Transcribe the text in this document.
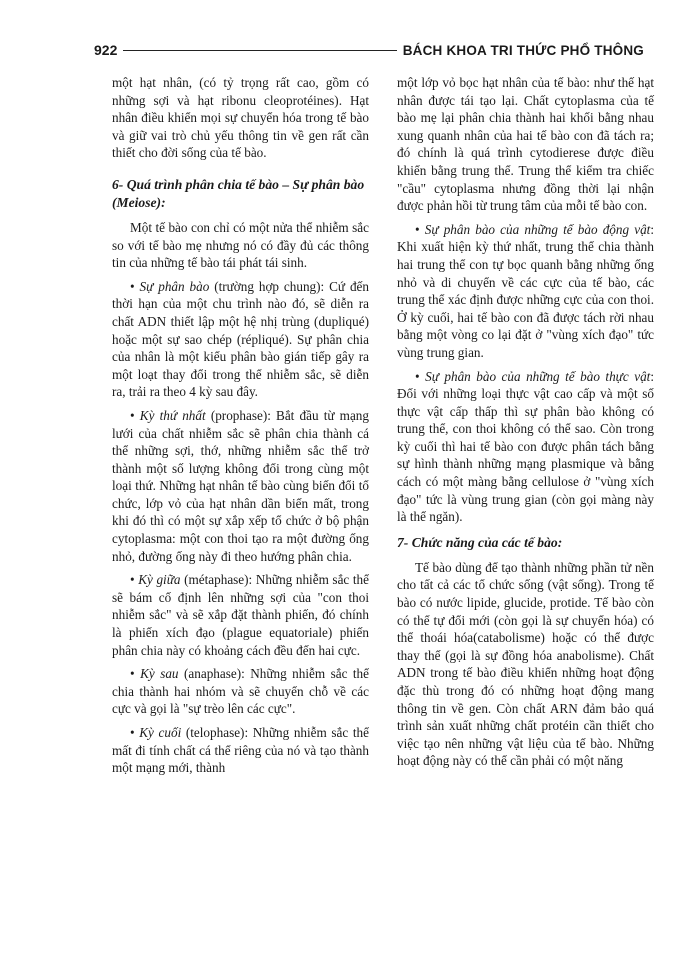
922	BÁCH KHOA TRI THỨC PHỔ THÔNG

một hạt nhân, (có tỷ trọng rất cao, gồm có những sợi và hạt ribonu cleoprotéines). Hạt nhân điều khiển mọi sự chuyển hóa trong tế bào và giữ vai trò chủ yếu thông tin về gen rất cần thiết cho đời sống của tế bào.

6- Quá trình phân chia tế bào – Sự phân bào (Meiose):

Một tế bào con chỉ có một nửa thể nhiễm sắc so với tế bào mẹ nhưng nó có đầy đủ các thông tin của những tế bào tái phát tái sinh.

• Sự phân bào (trường hợp chung): Cứ đến thời hạn của một chu trình nào đó, sẽ diễn ra chất ADN thiết lập một hệ nhị trùng (dupliqué) hoặc một sự sao chép (répliqué). Sự phân chia của nhân là một kiểu phân bào gián tiếp gây ra một loạt thay đổi trong thể nhiễm sắc, sẽ diễn ra, trải ra theo 4 kỳ sau đây.

• Kỳ thứ nhất (prophase): Bắt đầu từ mạng lưới của chất nhiễm sắc sẽ phân chia thành cá thể những sợi, thớ, những nhiễm sắc thể trở thành một số lượng không đổi trong cùng một loại thứ. Những hạt nhân tế bào cùng biến đổi tổ chức, lớp vỏ của hạt nhân dần biến mất, trong khi đó thì có một sự xắp xếp tổ chức ở bộ phận cytoplasma: một con thoi tạo ra một đường ống nhỏ, đường ống này đi theo hướng phân chia.

• Kỳ giữa (métaphase): Những nhiễm sắc thể sẽ bám cố định lên những sợi của "con thoi nhiễm sắc" và sẽ xắp đặt thành phiến, đó chính là phiến xích đạo (plague equatoriale) phiến phân chia này có khoảng cách đều đến hai cực.

• Kỳ sau (anaphase): Những nhiễm sắc thể chia thành hai nhóm và sẽ chuyển chỗ về các cực và gọi là "sự trèo lên các cực".

• Kỳ cuối (telophase): Những nhiễm sắc thể mất đi tính chất cá thể riêng của nó và tạo thành một mạng mới, thành

một lớp vỏ bọc hạt nhân của tế bào: như thế hạt nhân được tái tạo lại. Chất cytoplasma của tế bào mẹ lại phân chia thành hai khối bằng nhau xung quanh nhân của hai tế bào con đã tách ra; đó chính là quá trình cytodierese được điều khiển bằng trung thể. Trung thể kiểm tra chiếc "cầu" cytoplasma nhưng đồng thời lại nhận được phản hồi từ trung tâm của mỗi tế bào con.

• Sự phân bào của những tế bào động vật: Khi xuất hiện kỳ thứ nhất, trung thể chia thành hai trung thể con tự bọc quanh bằng những ống nhỏ và di chuyển về các cực của tế bào, các trung thể xác định được những cực của con thoi. Ở kỳ cuối, hai tế bào con đã được tách rời nhau bằng một vòng co lại đặt ở "vùng xích đạo" tức vùng trung gian.

• Sự phân bào của những tế bào thực vật: Đối với những loại thực vật cao cấp và một số thực vật cấp thấp thì sự phân bào không có trung thể, con thoi không có thể sao. Còn trong kỳ cuối thì hai tế bào con được phân tách bằng sự hình thành những mạng plasmique và bằng cách có một màng bằng cellulose ở "vùng xích đạo" tức là vùng trung gian (còn gọi màng này là thể ngăn).

7- Chức năng của các tế bào:

Tế bào dùng để tạo thành những phần tử nền cho tất cả các tổ chức sống (vật sống). Trong tế bào có nước lipide, glucide, protide. Tế bào còn có thể tự đổi mới (còn gọi là sự chuyển hóa) có thể thoái hóa(catabolisme) hoặc có thể được thay thế (gọi là sự đồng hóa anabolisme). Chất ADN trong tế bào điều khiển những hoạt động đặc thù trong đó có những hoạt động mang thông tin về gen. Còn chất ARN đảm bảo quá trình sản xuất những chất protéin cần thiết cho việc tạo nên những vật liệu của tế bào. Những hoạt động này có thể cần phải có một năng
